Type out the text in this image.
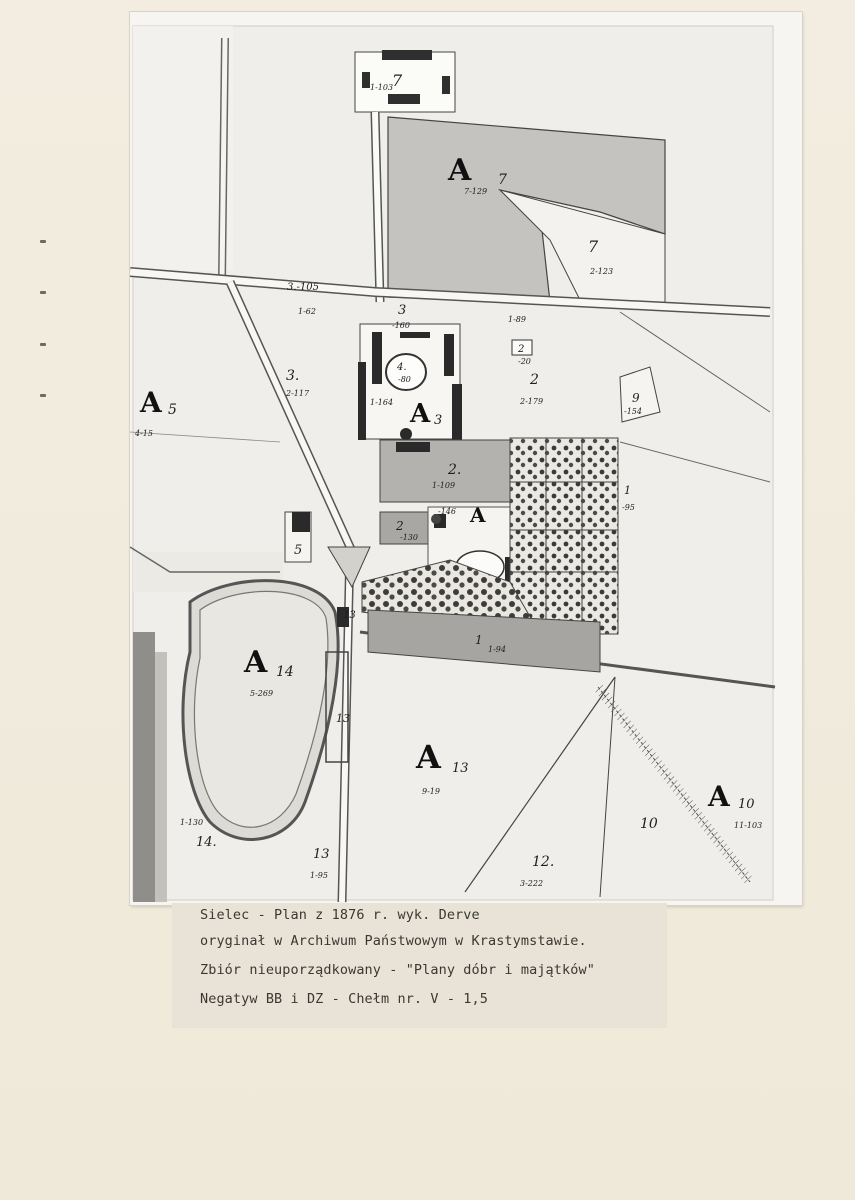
7
1-103
A 7
7-129
7
2-123
3.-105
1-62	3
-160
1-89
2
-20
A 5
4-15
3.
2-117
4.
-80
1-164 A 3
2
2-179	9
-154
2.
1-109	1
-95
A
-146
2
-130
5
1
1-94
A 14
5-269
13
13
A 13
9-19	A 10
11-103
10
1-130
14.
13
1-95
12.
3-222
Sielec - Plan z 1876 r. wyk. Derve
oryginał w Archiwum Państwowym w Krastymstawie.
Zbiór nieuporządkowany - "Plany dóbr i majątków"
Negatyw BB i DZ - Chełm nr. V - 1,5
